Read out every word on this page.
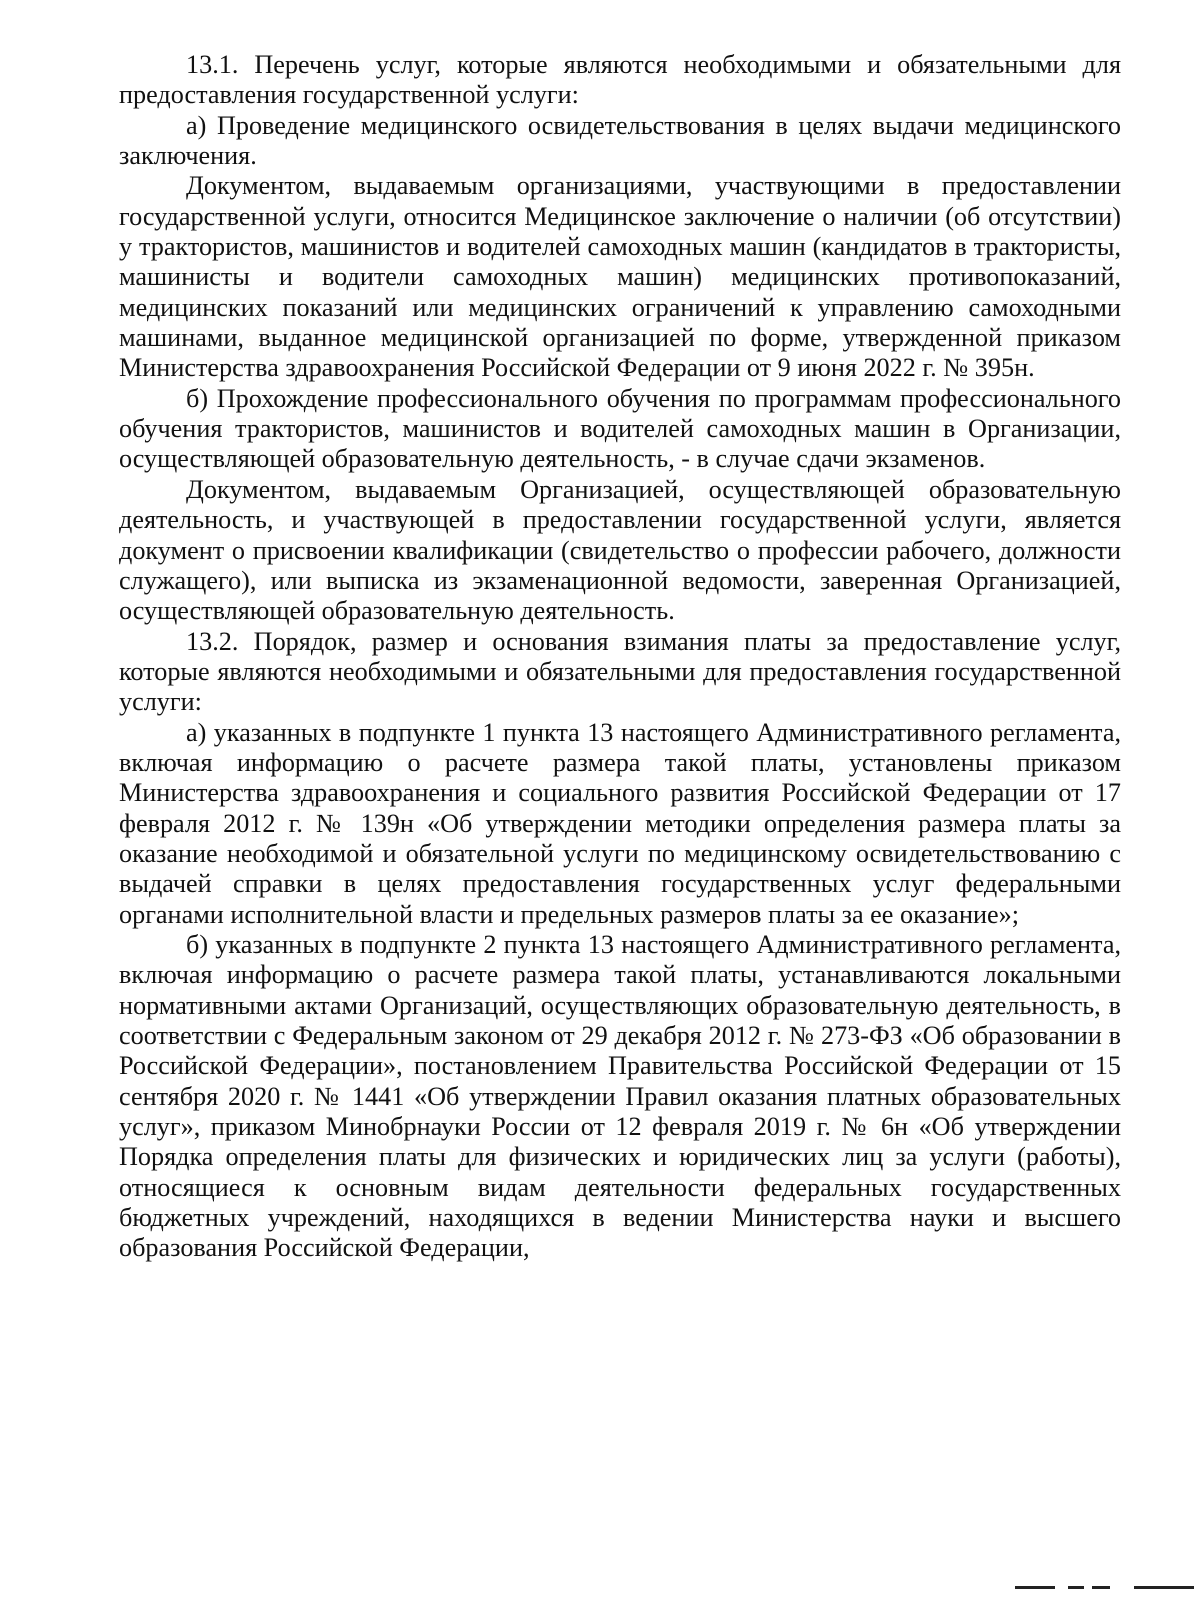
13.1. Перечень услуг, которые являются необходимыми и обязательными для предоставления государственной услуги:

а) Проведение медицинского освидетельствования в целях выдачи медицинского заключения.

Документом, выдаваемым организациями, участвующими в предоставлении государственной услуги, относится Медицинское заключение о наличии (об отсутствии) у трактористов, машинистов и водителей самоходных машин (кандидатов в трактористы, машинисты и водители самоходных машин) медицинских противопоказаний, медицинских показаний или медицинских ограничений к управлению самоходными машинами, выданное медицинской организацией по форме, утвержденной приказом Министерства здравоохранения Российской Федерации от 9 июня 2022 г. № 395н.

б) Прохождение профессионального обучения по программам профессионального обучения трактористов, машинистов и водителей самоходных машин в Организации, осуществляющей образовательную деятельность, - в случае сдачи экзаменов.

Документом, выдаваемым Организацией, осуществляющей образовательную деятельность, и участвующей в предоставлении государственной услуги, является документ о присвоении квалификации (свидетельство о профессии рабочего, должности служащего), или выписка из экзаменационной ведомости, заверенная Организацией, осуществляющей образовательную деятельность.

13.2. Порядок, размер и основания взимания платы за предоставление услуг, которые являются необходимыми и обязательными для предоставления государственной услуги:

а) указанных в подпункте 1 пункта 13 настоящего Административного регламента, включая информацию о расчете размера такой платы, установлены приказом Министерства здравоохранения и социального развития Российской Федерации от 17 февраля 2012 г. № 139н «Об утверждении методики определения размера платы за оказание необходимой и обязательной услуги по медицинскому освидетельствованию с выдачей справки в целях предоставления государственных услуг федеральными органами исполнительной власти и предельных размеров платы за ее оказание»;

б) указанных в подпункте 2 пункта 13 настоящего Административного регламента, включая информацию о расчете размера такой платы, устанавливаются локальными нормативными актами Организаций, осуществляющих образовательную деятельность, в соответствии с Федеральным законом от 29 декабря 2012 г. № 273-ФЗ «Об образовании в Российской Федерации», постановлением Правительства Российской Федерации от 15 сентября 2020 г. № 1441 «Об утверждении Правил оказания платных образовательных услуг», приказом Минобрнауки России от 12 февраля 2019 г. № 6н «Об утверждении Порядка определения платы для физических и юридических лиц за услуги (работы), относящиеся к основным видам деятельности федеральных государственных бюджетных учреждений, находящихся в ведении Министерства науки и высшего образования Российской Федерации,
